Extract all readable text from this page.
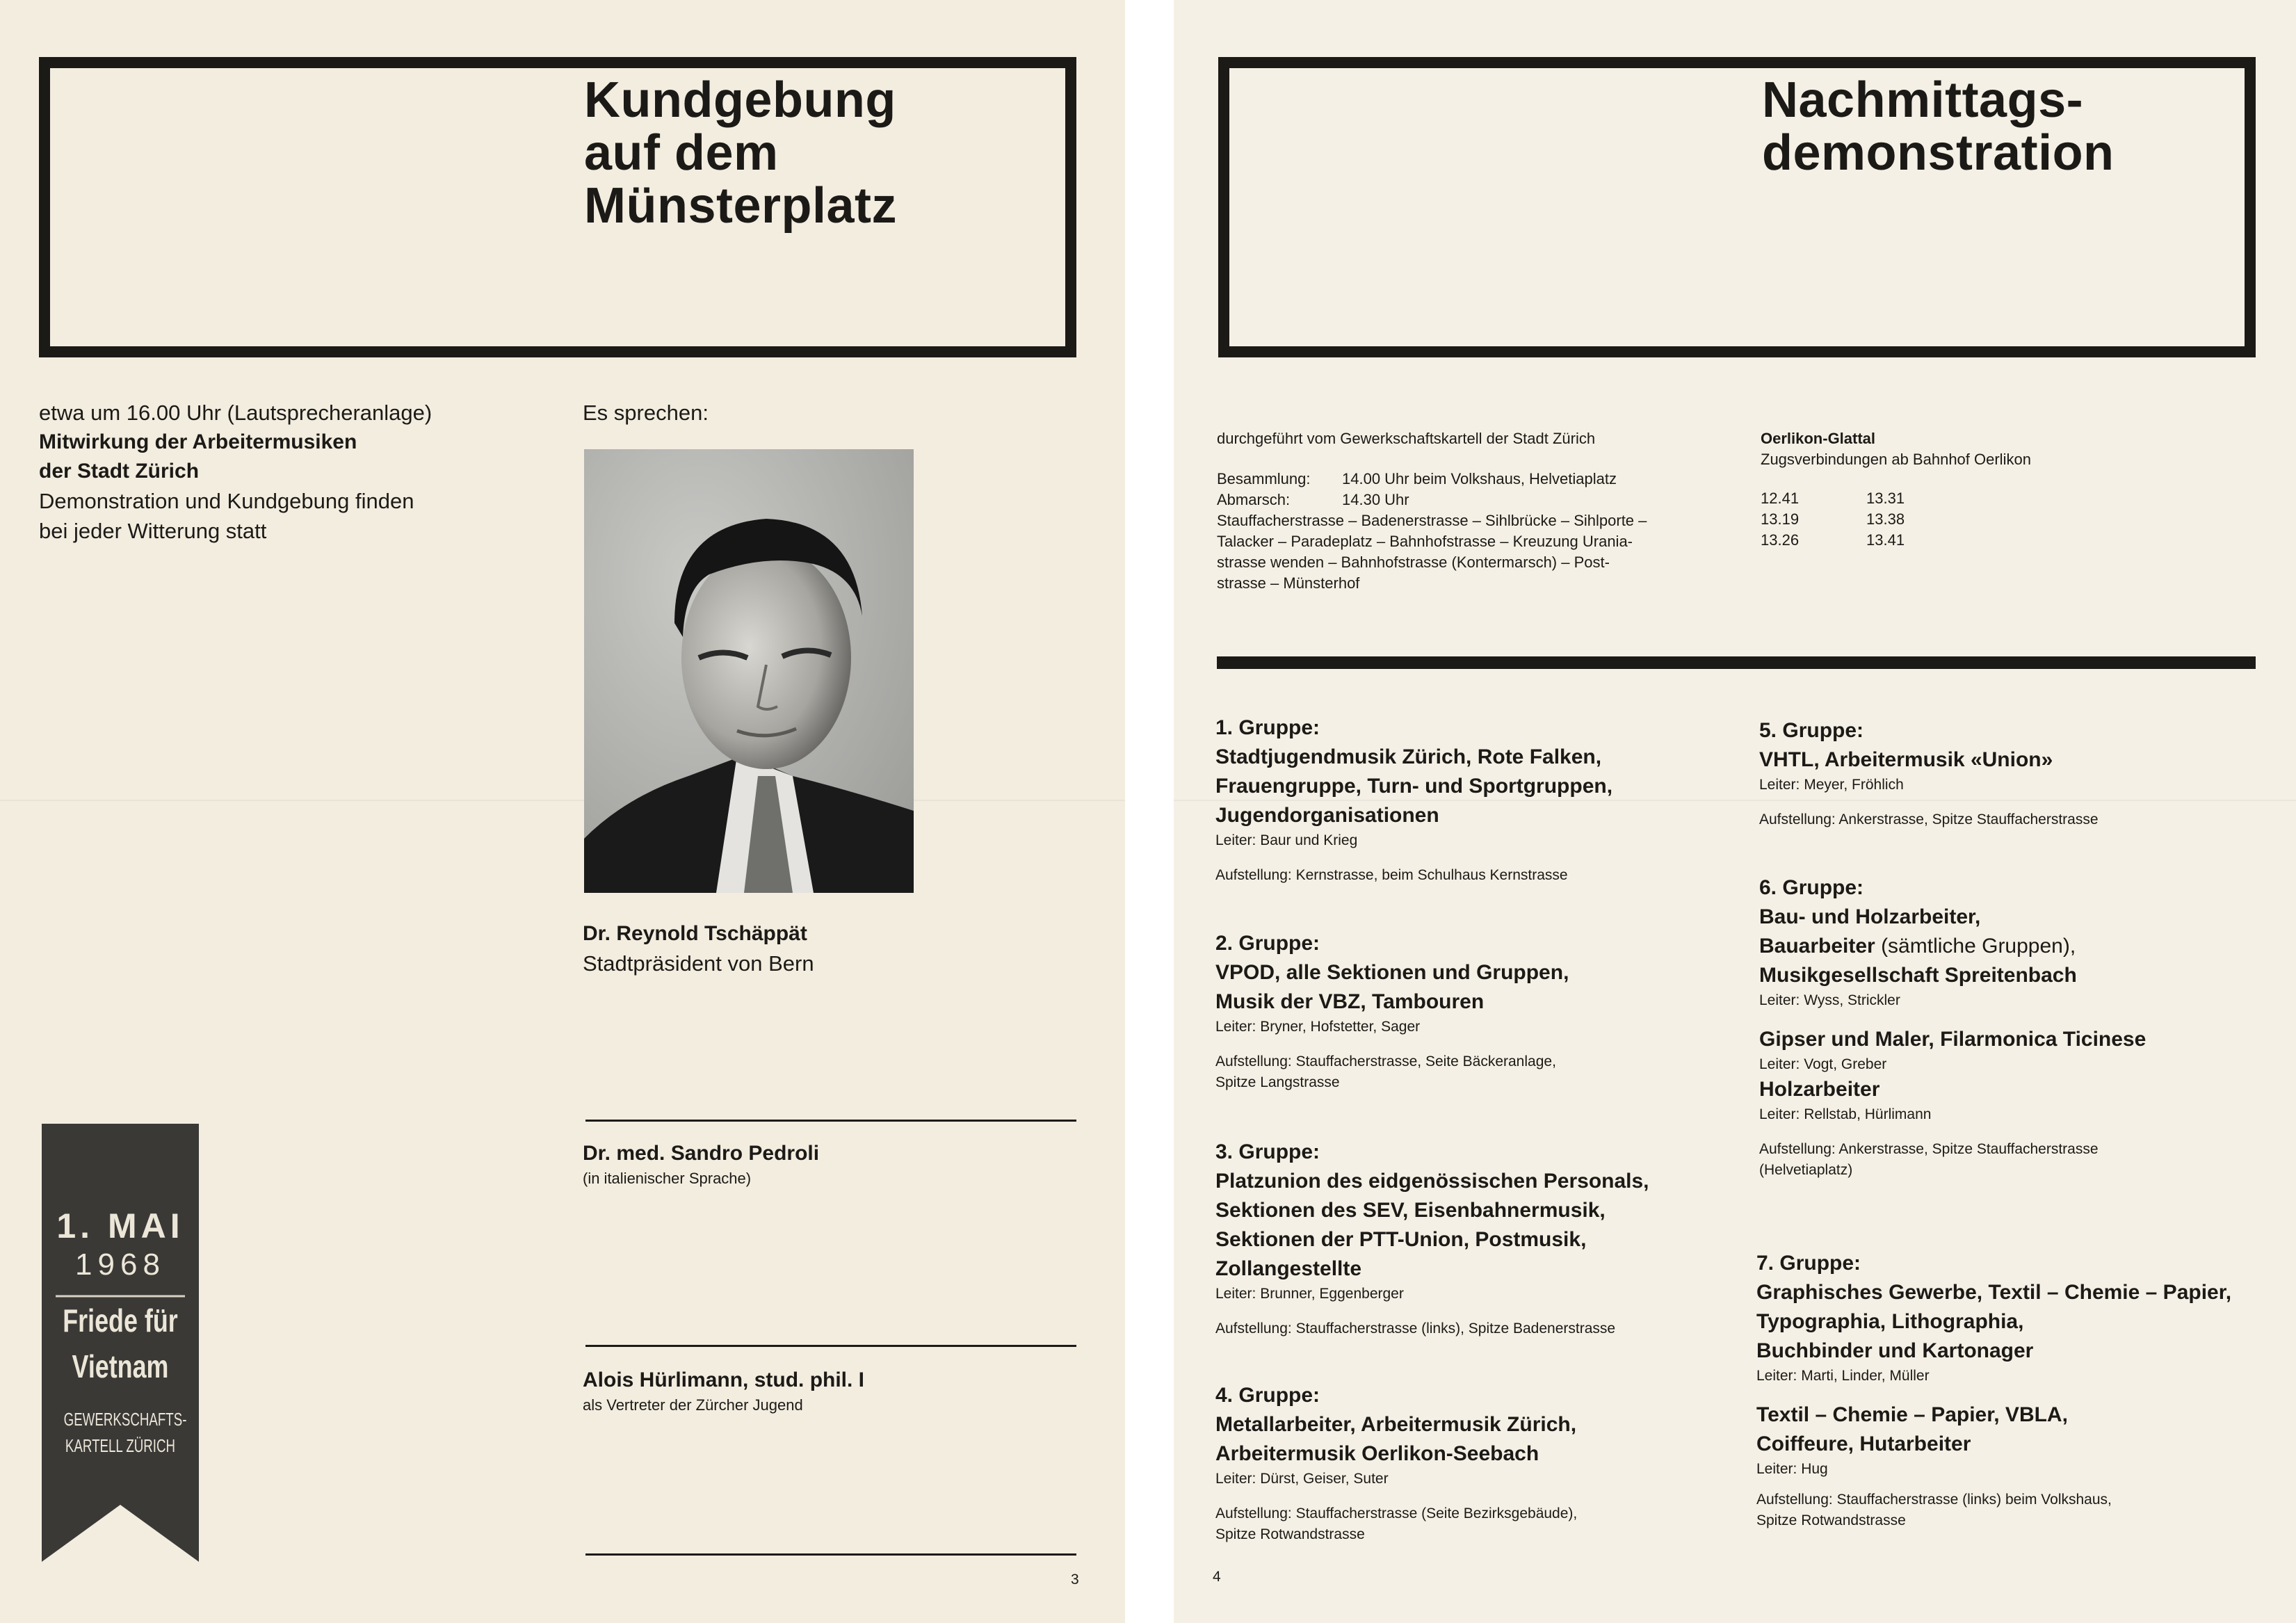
Kundgebung
auf dem
Münsterplatz
etwa um 16.00 Uhr (Lautsprecheranlage)
Mitwirkung der Arbeitermusiken
der Stadt Zürich
Demonstration und Kundgebung finden
bei jeder Witterung statt
Es sprechen:
Dr. Reynold Tschäppät
Stadtpräsident von Bern
Dr. med. Sandro Pedroli
(in italienischer Sprache)
Alois Hürlimann, stud. phil. I
als Vertreter der Zürcher Jugend
1. MAI
1968
Friede für
Vietnam
GEWERKSCHAFTS-
KARTELL ZÜRICH
3
Nachmittags-
demonstration
durchgeführt vom Gewerkschaftskartell der Stadt Zürich
Besammlung: 14.00 Uhr beim Volkshaus, Helvetiaplatz
Abmarsch:	14.30 Uhr
Stauffacherstrasse – Badenerstrasse – Sihlbrücke – Sihlporte –
Talacker – Paradeplatz – Bahnhofstrasse – Kreuzung Urania-
strasse wenden – Bahnhofstrasse (Kontermarsch) – Post-
strasse – Münsterhof
Oerlikon-Glattal
Zugsverbindungen ab Bahnhof Oerlikon
12.41
13.19
13.26
13.31
13.38
13.41
1. Gruppe:
Stadtjugendmusik Zürich, Rote Falken,
Frauengruppe, Turn- und Sportgruppen,
Jugendorganisationen
Leiter: Baur und Krieg
Aufstellung: Kernstrasse, beim Schulhaus Kernstrasse
2. Gruppe:
VPOD, alle Sektionen und Gruppen,
Musik der VBZ, Tambouren
Leiter: Bryner, Hofstetter, Sager
Aufstellung: Stauffacherstrasse, Seite Bäckeranlage,
Spitze Langstrasse
3. Gruppe:
Platzunion des eidgenössischen Personals,
Sektionen des SEV, Eisenbahnermusik,
Sektionen der PTT-Union, Postmusik,
Zollangestellte
Leiter: Brunner, Eggenberger
Aufstellung: Stauffacherstrasse (links), Spitze Badenerstrasse
4. Gruppe:
Metallarbeiter, Arbeitermusik Zürich,
Arbeitermusik Oerlikon-Seebach
Leiter: Dürst, Geiser, Suter
Aufstellung: Stauffacherstrasse (Seite Bezirksgebäude),
Spitze Rotwandstrasse
5. Gruppe:
VHTL, Arbeitermusik «Union»
Leiter: Meyer, Fröhlich
Aufstellung: Ankerstrasse, Spitze Stauffacherstrasse
6. Gruppe:
Bau- und Holzarbeiter,
Bauarbeiter (sämtliche Gruppen),
Musikgesellschaft Spreitenbach
Leiter: Wyss, Strickler
Gipser und Maler, Filarmonica Ticinese
Leiter: Vogt, Greber
Holzarbeiter
Leiter: Rellstab, Hürlimann
Aufstellung: Ankerstrasse, Spitze Stauffacherstrasse
(Helvetiaplatz)
7. Gruppe:
Graphisches Gewerbe, Textil – Chemie – Papier,
Typographia, Lithographia,
Buchbinder und Kartonager
Leiter: Marti, Linder, Müller
Textil – Chemie – Papier, VBLA,
Coiffeure, Hutarbeiter
Leiter: Hug
Aufstellung: Stauffacherstrasse (links) beim Volkshaus,
Spitze Rotwandstrasse
4
